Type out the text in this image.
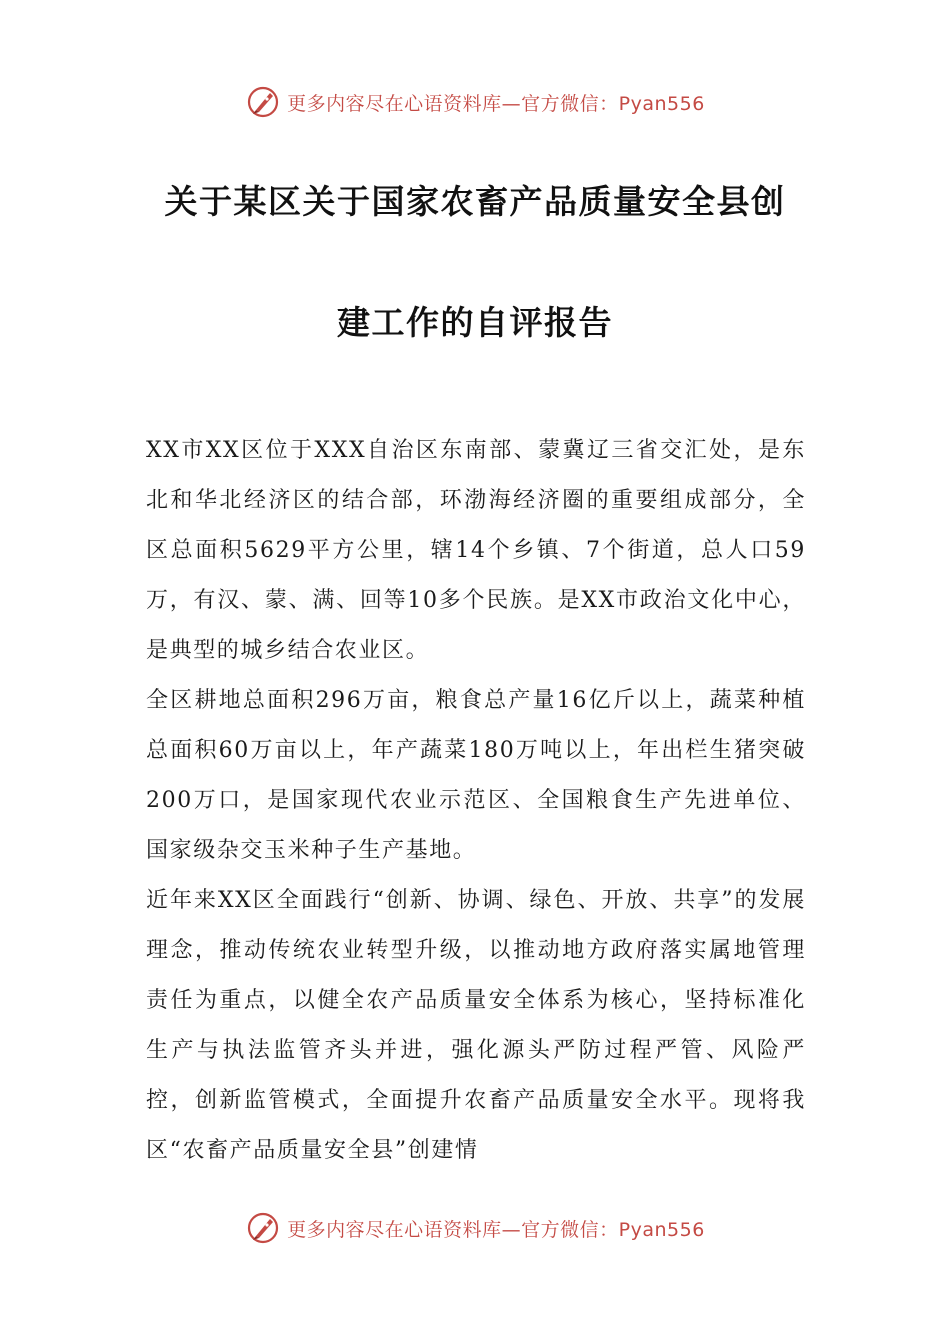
更多内容尽在心语资料库—官方微信：Pyan556
关于某区关于国家农畜产品质量安全县创
建工作的自评报告

XX市XX区位于XXX自治区东南部、蒙冀辽三省交汇处，是东北和华北经济区的结合部，环渤海经济圈的重要组成部分，全区总面积5629平方公里，辖14个乡镇、7个街道，总人口59万，有汉、蒙、满、回等10多个民族。是XX市政治文化中心，是典型的城乡结合农业区。

全区耕地总面积296万亩，粮食总产量16亿斤以上，蔬菜种植总面积60万亩以上，年产蔬菜180万吨以上，年出栏生猪突破200万口，是国家现代农业示范区、全国粮食生产先进单位、国家级杂交玉米种子生产基地。

近年来XX区全面践行“创新、协调、绿色、开放、共享”的发展理念，推动传统农业转型升级，以推动地方政府落实属地管理责任为重点，以健全农产品质量安全体系为核心，坚持标准化生产与执法监管齐头并进，强化源头严防过程严管、风险严控，创新监管模式，全面提升农畜产品质量安全水平。现将我区“农畜产品质量安全县”创建情

更多内容尽在心语资料库—官方微信：Pyan556
